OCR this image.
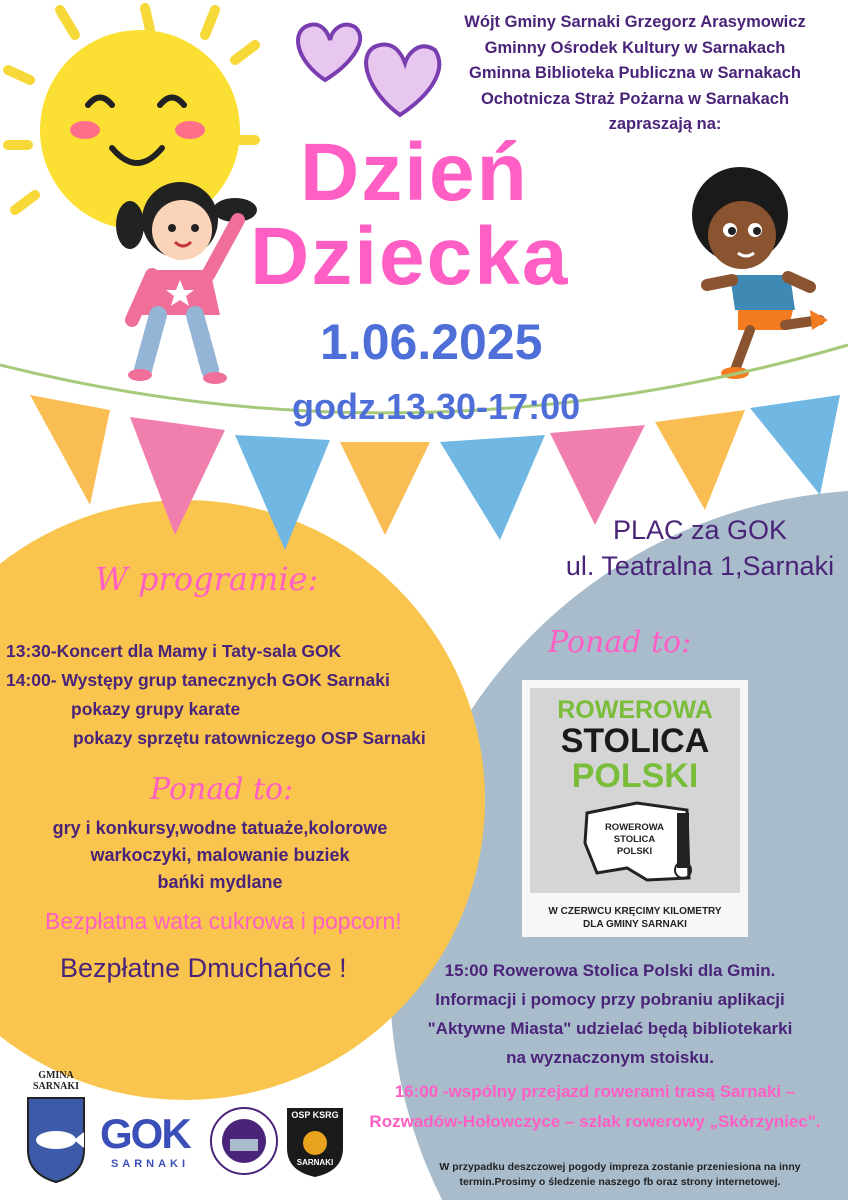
Wójt Gminy Sarnaki Grzegorz Arasymowicz
Gminny Ośrodek Kultury w Sarnakach
Gminna Biblioteka Publiczna w Sarnakach
Ochotnicza Straż Pożarna w Sarnakach
zapraszają na:
Dzień
Dziecka
1.06.2025
godz.13.30-17:00
PLAC za GOK
ul. Teatralna 1,Sarnaki
W programie:
13:30-Koncert dla Mamy i Taty-sala GOK
14:00- Występy grup tanecznych GOK Sarnaki
pokazy grupy karate
pokazy sprzętu ratowniczego OSP Sarnaki
Ponad to:
gry i konkursy,wodne tatuaże,kolorowe
warkoczyki, malowanie buziek
bańki mydlane
Bezpłatna wata cukrowa i popcorn!
Bezpłatne Dmuchańce !
Ponad to:
ROWEROWA
STOLICA
POLSKI
ROWEROWA
STOLICA
POLSKI
W CZERWCU KRĘCIMY KILOMETRY
DLA GMINY SARNAKI
15:00 Rowerowa Stolica Polski dla Gmin.
Informacji i pomocy przy pobraniu aplikacji
"Aktywne Miasta" udzielać będą bibliotekarki
na wyznaczonym stoisku.
16:00 -wspólny przejazd rowerami trasą Sarnaki –
Rozwadów-Hołowczyce – szlak rowerowy „Skórzyniec".
GMINA
SARNAKI
GOK
SARNAKI
OSP KSRG
SARNAKI	W przypadku deszczowej pogody impreza zostanie przeniesiona na inny
termin.Prosimy o śledzenie naszego fb oraz strony internetowej.
